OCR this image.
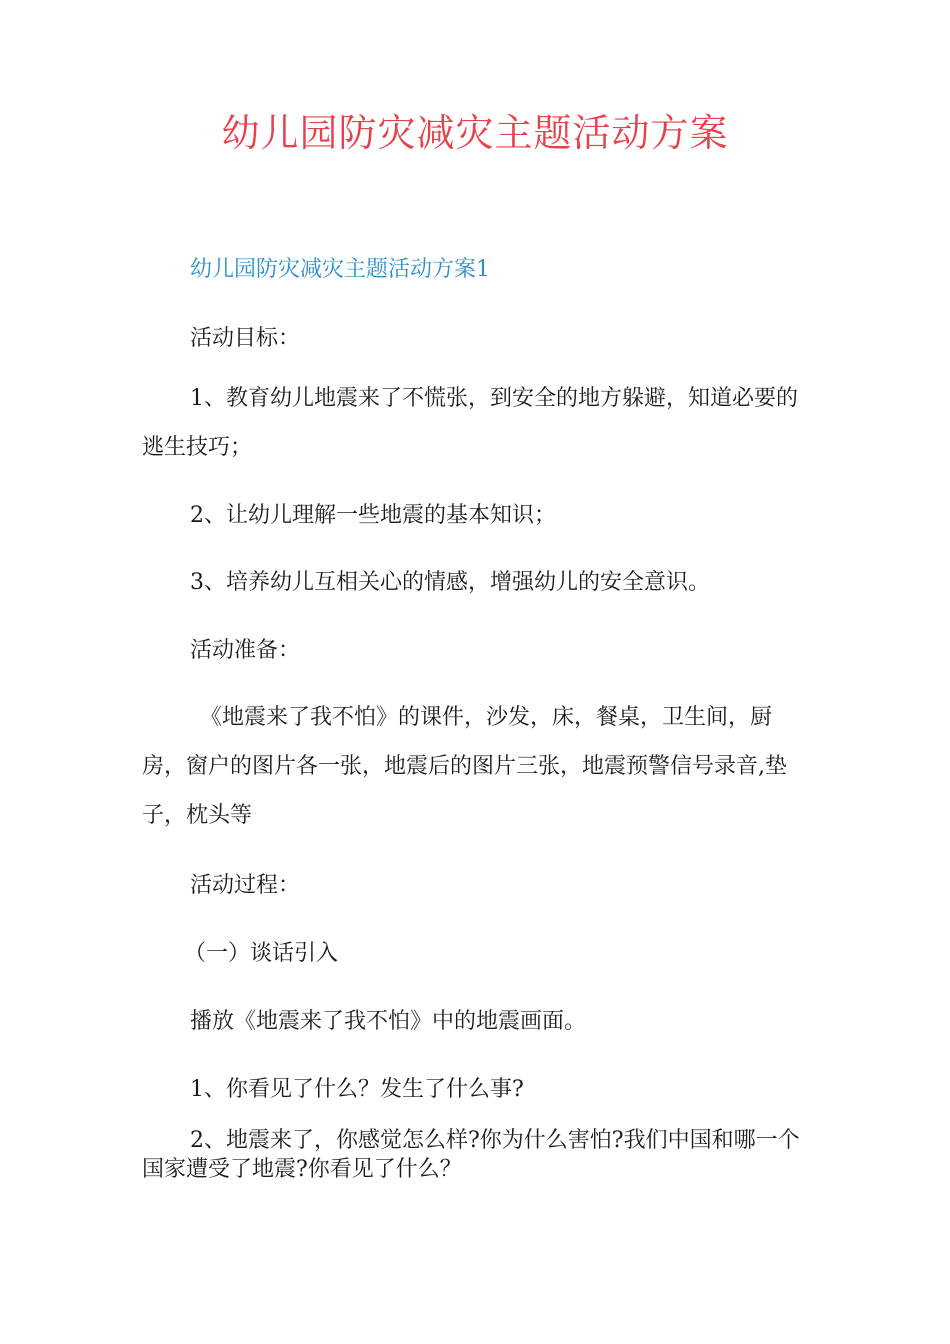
幼儿园防灾减灾主题活动方案
幼儿园防灾减灾主题活动方案1

活动目标：

1、教育幼儿地震来了不慌张，到安全的地方躲避，知道必要的逃生技巧；

2、让幼儿理解一些地震的基本知识；

3、培养幼儿互相关心的情感，增强幼儿的安全意识。

活动准备：

《地震来了我不怕》的课件，沙发，床，餐桌，卫生间，厨房，窗户的图片各一张，地震后的图片三张，地震预警信号录音,垫子，枕头等

活动过程：

（一）谈话引入

播放《地震来了我不怕》中的地震画面。

1、你看见了什么？发生了什么事?

2、地震来了，你感觉怎么样?你为什么害怕?我们中国和哪一个国家遭受了地震?你看见了什么？
